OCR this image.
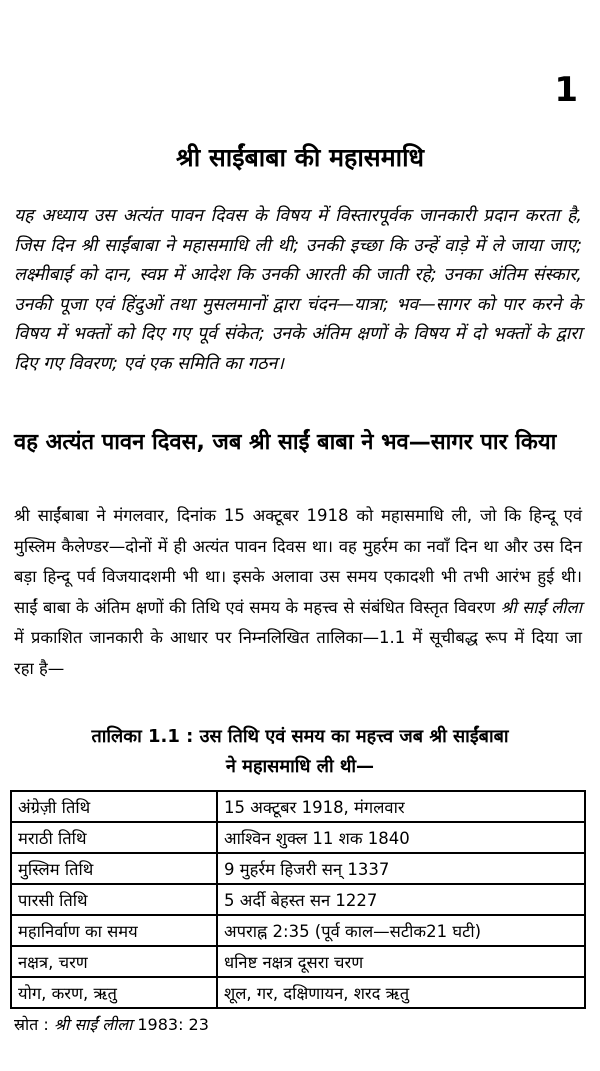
1
श्री साईंबाबा की महासमाधि
यह अध्याय उस अत्यंत पावन दिवस के विषय में विस्तारपूर्वक जानकारी प्रदान करता है, जिस दिन श्री साईंबाबा ने महासमाधि ली थी; उनकी इच्छा कि उन्हें वाड़े में ले जाया जाए; लक्ष्मीबाई को दान, स्वप्न में आदेश कि उनकी आरती की जाती रहे; उनका अंतिम संस्कार, उनकी पूजा एवं हिंदुओं तथा मुसलमानों द्वारा चंदन—यात्रा; भव—सागर को पार करने के विषय में भक्तों को दिए गए पूर्व संकेत; उनके अंतिम क्षणों के विषय में दो भक्तों के द्वारा दिए गए विवरण; एवं एक समिति का गठन।
वह अत्यंत पावन दिवस, जब श्री साईं बाबा ने भव—सागर पार किया
श्री साईंबाबा ने मंगलवार, दिनांक 15 अक्टूबर 1918 को महासमाधि ली, जो कि हिन्दू एवं मुस्लिम कैलेण्डर—दोनों में ही अत्यंत पावन दिवस था। वह मुहर्रम का नवाँ दिन था और उस दिन बड़ा हिन्दू पर्व विजयादशमी भी था। इसके अलावा उस समय एकादशी भी तभी आरंभ हुई थी। साईं बाबा के अंतिम क्षणों की तिथि एवं समय के महत्त्व से संबंधित विस्तृत विवरण श्री साईं लीला में प्रकाशित जानकारी के आधार पर निम्नलिखित तालिका—1.1 में सूचीबद्ध रूप में दिया जा रहा है—
तालिका 1.1 : उस तिथि एवं समय का महत्त्व जब श्री साईंबाबा
ने महासमाधि ली थी—
अंग्रेज़ी तिथि	15 अक्टूबर 1918, मंगलवार
मराठी तिथि	आश्विन शुक्ल 11 शक 1840
मुस्लिम तिथि	9 मुहर्रम हिजरी सन् 1337
पारसी तिथि	5 अर्दी बेहस्त सन 1227
महानिर्वाण का समय	अपराह्न 2:35 (पूर्व काल—सटीक21 घटी)
नक्षत्र, चरण	धनिष्ट नक्षत्र दूसरा चरण
योग, करण, ऋतु	शूल, गर, दक्षिणायन, शरद ऋतु
स्रोत : श्री साईं लीला 1983: 23
